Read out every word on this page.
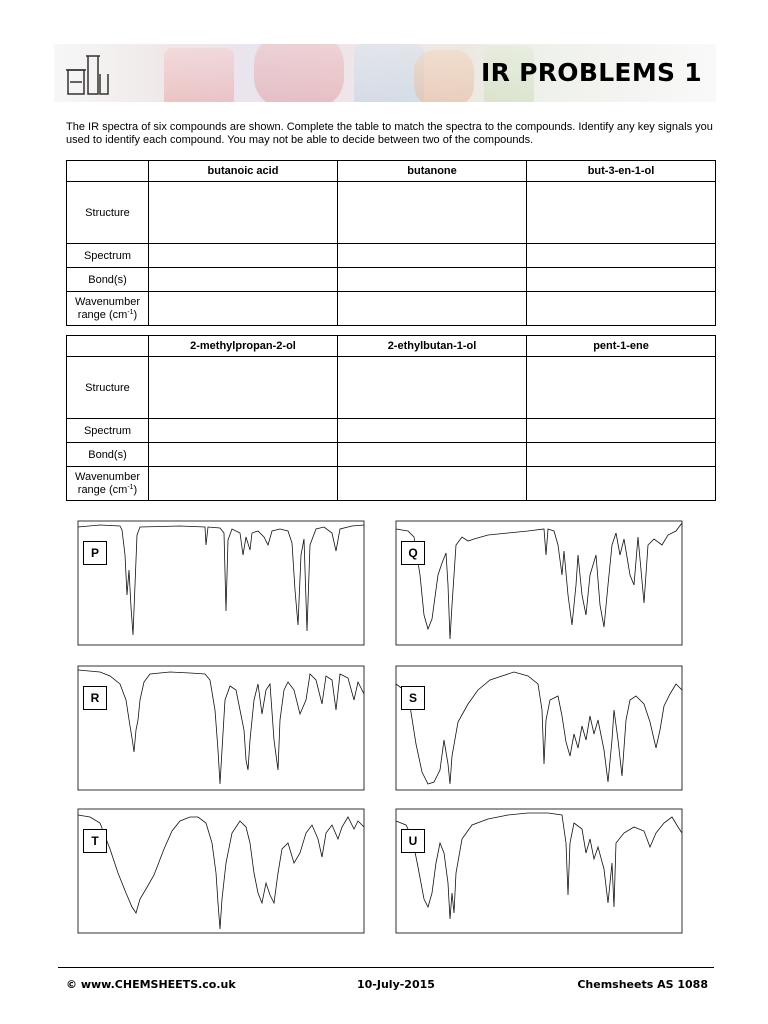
IR PROBLEMS 1
The IR spectra of six compounds are shown. Complete the table to match the spectra to the compounds. Identify any key signals you used to identify each compound. You may not be able to decide between two of the compounds.
	butanoic acid	butanone	but-3-en-1-ol
Structure			
Spectrum			
Bond(s)			
Wavenumber
range $(cm^{-1})$			
	2-methylpropan-2-ol	2-ethylbutan-1-ol	pent-1-ene
Structure			
Spectrum			
Bond(s)			
Wavenumber
range $(cm^{-1})$			
P	Q
R	S
T	U
© www.CHEMSHEETS.co.uk	10-July-2015	Chemsheets AS 1088
